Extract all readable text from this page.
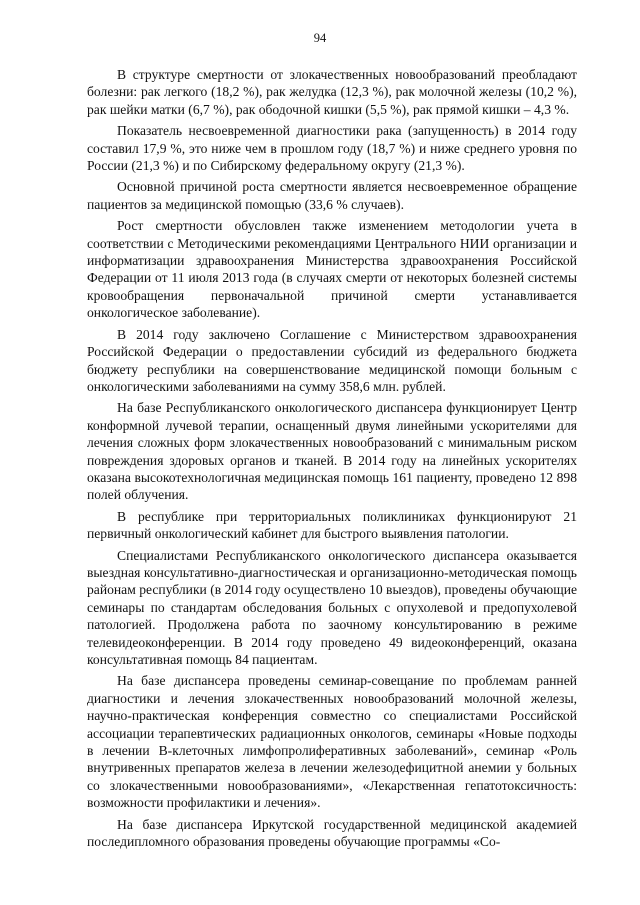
94

В структуре смертности от злокачественных новообразований преобладают болезни: рак легкого (18,2 %), рак желудка (12,3 %), рак молочной железы (10,2 %), рак шейки матки (6,7 %), рак ободочной кишки (5,5 %), рак прямой кишки – 4,3 %.

Показатель несвоевременной диагностики рака (запущенность) в 2014 году составил 17,9 %, это ниже чем в прошлом году (18,7 %) и ниже среднего уровня по России (21,3 %) и по Сибирскому федеральному округу (21,3 %).

Основной причиной роста смертности является несвоевременное обращение пациентов за медицинской помощью (33,6 % случаев).

Рост смертности обусловлен также изменением методологии учета в соответствии с Методическими рекомендациями Центрального НИИ организации и информатизации здравоохранения Министерства здравоохранения Российской Федерации от 11 июля 2013 года (в случаях смерти от некоторых болезней системы кровообращения первоначальной причиной смерти устанавливается онкологическое заболевание).

В 2014 году заключено Соглашение с Министерством здравоохранения Российской Федерации о предоставлении субсидий из федерального бюджета бюджету республики на совершенствование медицинской помощи больным с онкологическими заболеваниями на сумму 358,6 млн. рублей.

На базе Республиканского онкологического диспансера функционирует Центр конформной лучевой терапии, оснащенный двумя линейными ускорителями для лечения сложных форм злокачественных новообразований с минимальным риском повреждения здоровых органов и тканей. В 2014 году на линейных ускорителях оказана высокотехнологичная медицинская помощь 161 пациенту, проведено 12 898 полей облучения.

В республике при территориальных поликлиниках функционируют 21 первичный онкологический кабинет для быстрого выявления патологии.

Специалистами Республиканского онкологического диспансера оказывается выездная консультативно-диагностическая и организационно-методическая помощь районам республики (в 2014 году осуществлено 10 выездов), проведены обучающие семинары по стандартам обследования больных с опухолевой и предопухолевой патологией. Продолжена работа по заочному консультированию в режиме телевидеоконференции. В 2014 году проведено 49 видеоконференций, оказана консультативная помощь 84 пациентам.

На базе диспансера проведены семинар-совещание по проблемам ранней диагностики и лечения злокачественных новообразований молочной железы, научно-практическая конференция совместно со специалистами Российской ассоциации терапевтических радиационных онкологов, семинары «Новые подходы в лечении В-клеточных лимфопролиферативных заболеваний», семинар «Роль внутривенных препаратов железа в лечении железодефицитной анемии у больных со злокачественными новообразованиями», «Лекарственная гепатотоксичность: возможности профилактики и лечения».

На базе диспансера Иркутской государственной медицинской академией последипломного образования проведены обучающие программы «Со-
